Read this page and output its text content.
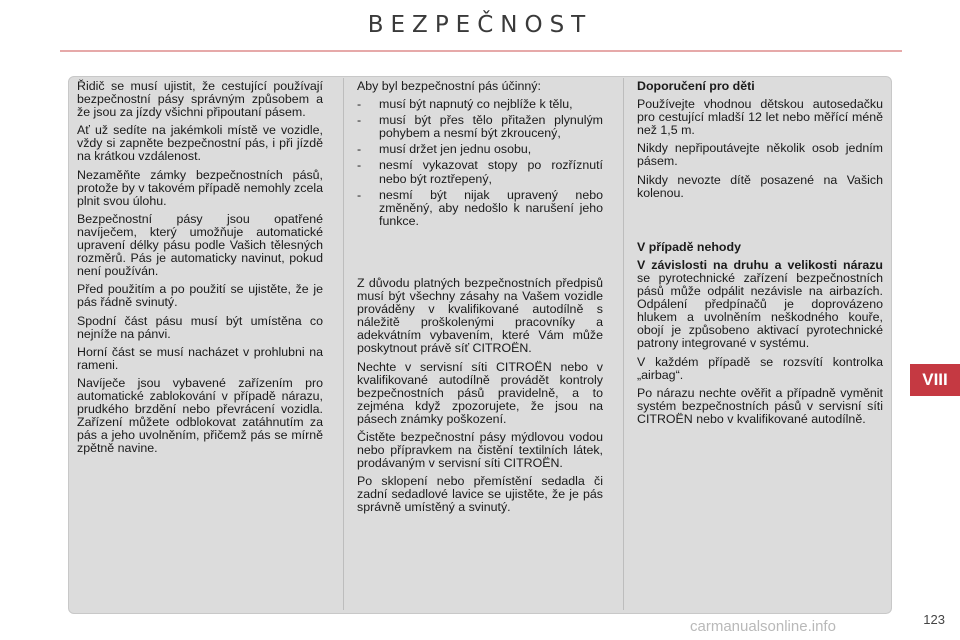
BEZPEČNOST

Řidič se musí ujistit, že cestující používají bezpečnostní pásy správným způsobem a že jsou za jízdy všichni připoutaní pásem.

Ať už sedíte na jakémkoli místě ve vozidle, vždy si zapněte bezpečnostní pás, i při jízdě na krátkou vzdálenost.

Nezaměňte zámky bezpečnostních pásů, protože by v takovém případě nemohly zcela plnit svou úlohu.

Bezpečnostní pásy jsou opatřené navíječem, který umožňuje automatické upravení délky pásu podle Vašich tělesných rozměrů. Pás je automaticky navinut, pokud není používán.

Před použitím a po použití se ujistěte, že je pás řádně svinutý.

Spodní část pásu musí být umístěna co nejníže na pánvi.

Horní část se musí nacházet v prohlubni na rameni.

Navíječe jsou vybavené zařízením pro automatické zablokování v případě nárazu, prudkého brzdění nebo převrácení vozidla. Zařízení můžete odblokovat zatáhnutím za pás a jeho uvolněním, přičemž pás se mírně zpětně navine.

Aby byl bezpečnostní pás účinný:

- musí být napnutý co nejblíže k tělu,
- musí být přes tělo přitažen plynulým pohybem a nesmí být zkroucený,
- musí držet jen jednu osobu,
- nesmí vykazovat stopy po rozříznutí nebo být roztřepený,
- nesmí být nijak upravený nebo změněný, aby nedošlo k narušení jeho funkce.

Z důvodu platných bezpečnostních předpisů musí být všechny zásahy na Vašem vozidle prováděny v kvalifikované autodílně s náležitě proškolenými pracovníky a adekvátním vybavením, které Vám může poskytnout právě síť CITROËN.

Nechte v servisní síti CITROËN nebo v kvalifikované autodílně provádět kontroly bezpečnostních pásů pravidelně, a to zejména když zpozorujete, že jsou na pásech známky poškození.

Čistěte bezpečnostní pásy mýdlovou vodou nebo přípravkem na čistění textilních látek, prodávaným v servisní síti CITROËN.

Po sklopení nebo přemístění sedadla či zadní sedadlové lavice se ujistěte, že je pás správně umístěný a svinutý.

Doporučení pro děti

Používejte vhodnou dětskou autosedačku pro cestující mladší 12 let nebo měřící méně než 1,5 m.

Nikdy nepřipoutávejte několik osob jedním pásem.

Nikdy nevozte dítě posazené na Vašich kolenou.

V případě nehody

V závislosti na druhu a velikosti nárazu se pyrotechnické zařízení bezpečnostních pásů může odpálit nezávisle na airbazích. Odpálení předpínačů je doprovázeno hlukem a uvolněním neškodného kouře, obojí je způsobeno aktivací pyrotechnické patrony integrované v systému.

V každém případě se rozsvítí kontrolka „airbag“.

Po nárazu nechte ověřit a případně vyměnit systém bezpečnostních pásů v servisní síti CITROËN nebo v kvalifikované autodílně.

VIII
carmanualsonline.info	123
